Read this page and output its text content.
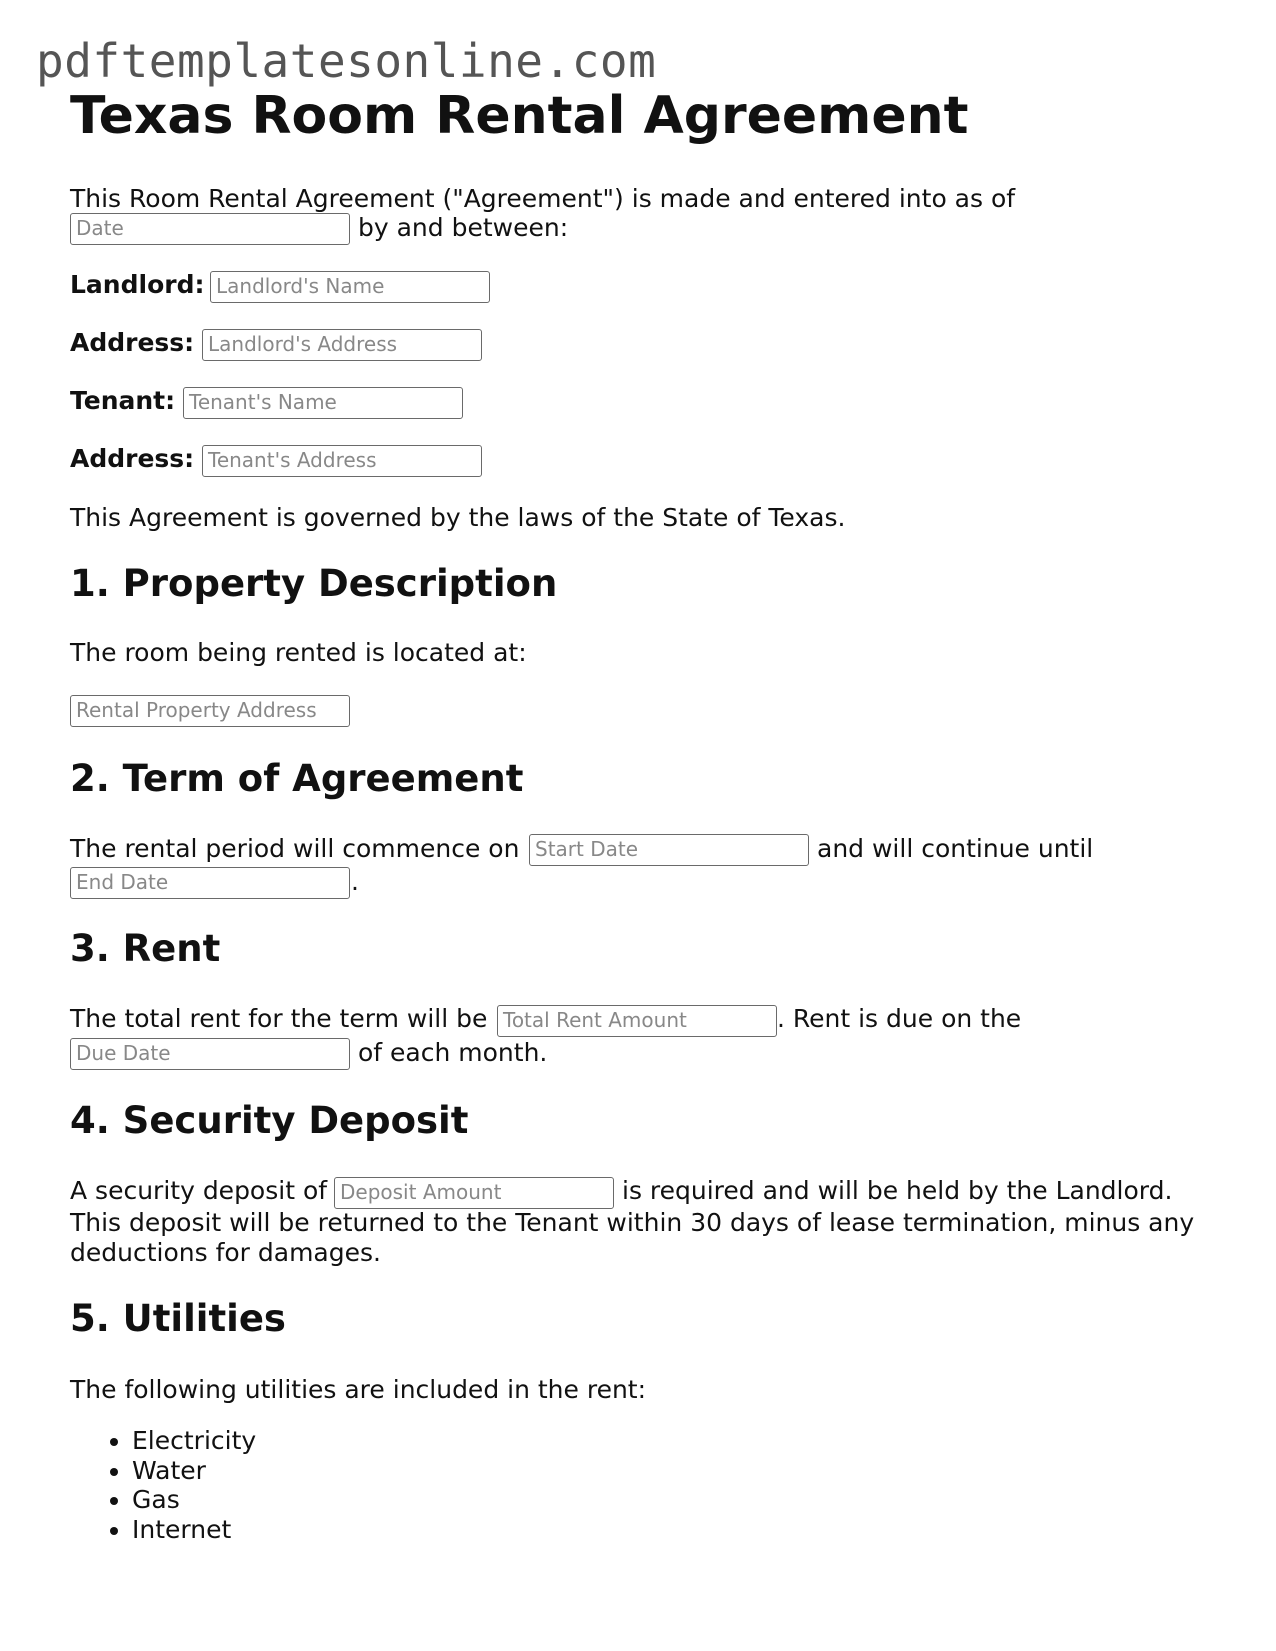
pdftemplatesonline.com
Texas Room Rental Agreement
This Room Rental Agreement ("Agreement") is made and entered into as of
Date	by and between:
Landlord: Landlord's Name
Address: Landlord's Address
Tenant: Tenant's Name
Address: Tenant's Address
This Agreement is governed by the laws of the State of Texas.
1. Property Description
The room being rented is located at:
Rental Property Address
2. Term of Agreement
The rental period will commence on Start Date	and will continue until
End Date	.
3. Rent
The total rent for the term will be Total Rent Amount	. Rent is due on the
Due Date	of each month.
4. Security Deposit
A security deposit of Deposit Amount	is required and will be held by the Landlord.
This deposit will be returned to the Tenant within 30 days of lease termination, minus any deductions for damages.
5. Utilities
The following utilities are included in the rent:
• Electricity
• Water
• Gas
• Internet
